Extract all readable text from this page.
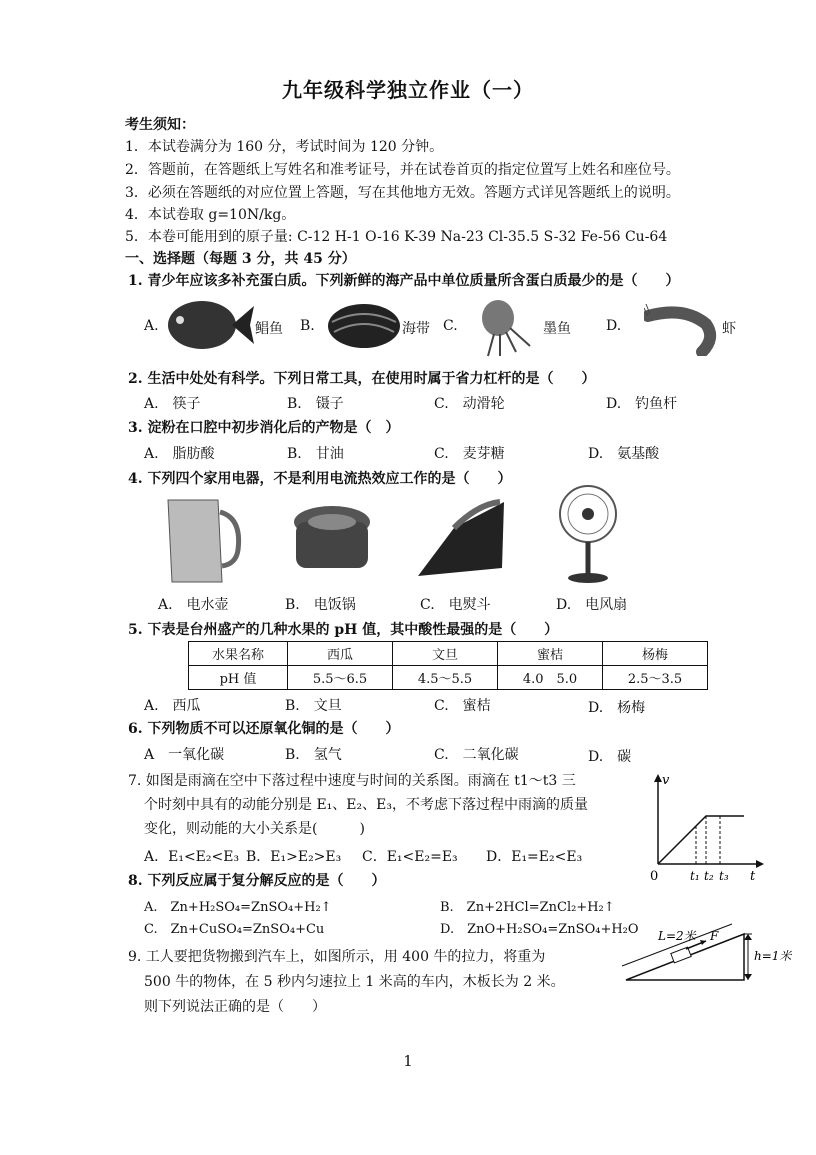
九年级科学独立作业（一）
考生须知：
1．本试卷满分为 160 分，考试时间为 120 分钟。
2．答题前，在答题纸上写姓名和准考证号，并在试卷首页的指定位置写上姓名和座位号。
3．必须在答题纸的对应位置上答题，写在其他地方无效。答题方式详见答题纸上的说明。
4．本试卷取 g=10N/kg。
5．本卷可能用到的原子量: C-12 H-1 O-16 K-39 Na-23 Cl-35.5 S-32 Fe-56 Cu-64
一、选择题（每题 3 分，共 45 分）
1. 青少年应该多补充蛋白质。下列新鲜的海产品中单位质量所含蛋白质最少的是（　　）
A.	鲳鱼 B.	海带 C.	墨鱼	D.	虾
2. 生活中处处有科学。下列日常工具，在使用时属于省力杠杆的是（　　）
A.　筷子	B.　镊子	C.　动滑轮	D.　钓鱼杆
3. 淀粉在口腔中初步消化后的产物是（　）
A.　脂肪酸	B.　甘油	C.　麦芽糖	D.　氨基酸
4. 下列四个家用电器，不是利用电流热效应工作的是（　　）
A.　电水壶	B.　电饭锅	C.　电熨斗	D.　电风扇
5. 下表是台州盛产的几种水果的 pH 值，其中酸性最强的是（　　）
水果名称	西瓜	文旦	蜜桔	杨梅
pH 值	5.5～6.5	4.5～5.5	4.0　5.0	2.5～3.5
A.　西瓜	B.　文旦	C.　蜜桔	D.　杨梅
6. 下列物质不可以还原氧化铜的是（　　）
A　一氧化碳	B.　氢气	C.　二氧化碳	D.　碳
7. 如图是雨滴在空中下落过程中速度与时间的关系图。雨滴在 t1～t3 三
个时刻中具有的动能分别是 E₁、E₂、E₃，不考虑下落过程中雨滴的质量
变化，则动能的大小关系是(　　　)
A．E₁<E₂<E₃ B．E₁>E₂>E₃ C．E₁<E₂=E₃ D．E₁=E₂<E₃
v
t
0	t₁ t₂ t₃
8. 下列反应属于复分解反应的是（　　）
A.　Zn+H₂SO₄=ZnSO₄+H₂↑	B.　Zn+2HCl=ZnCl₂+H₂↑
C.　Zn+CuSO₄=ZnSO₄+Cu	D.　ZnO+H₂SO₄=ZnSO₄+H₂O
9. 工人要把货物搬到汽车上，如图所示，用 400 牛的拉力，将重为
500 牛的物体，在 5 秒内匀速拉上 1 米高的车内，木板长为 2 米。
则下列说法正确的是（　　）
L=2米 F
h=1米
1
